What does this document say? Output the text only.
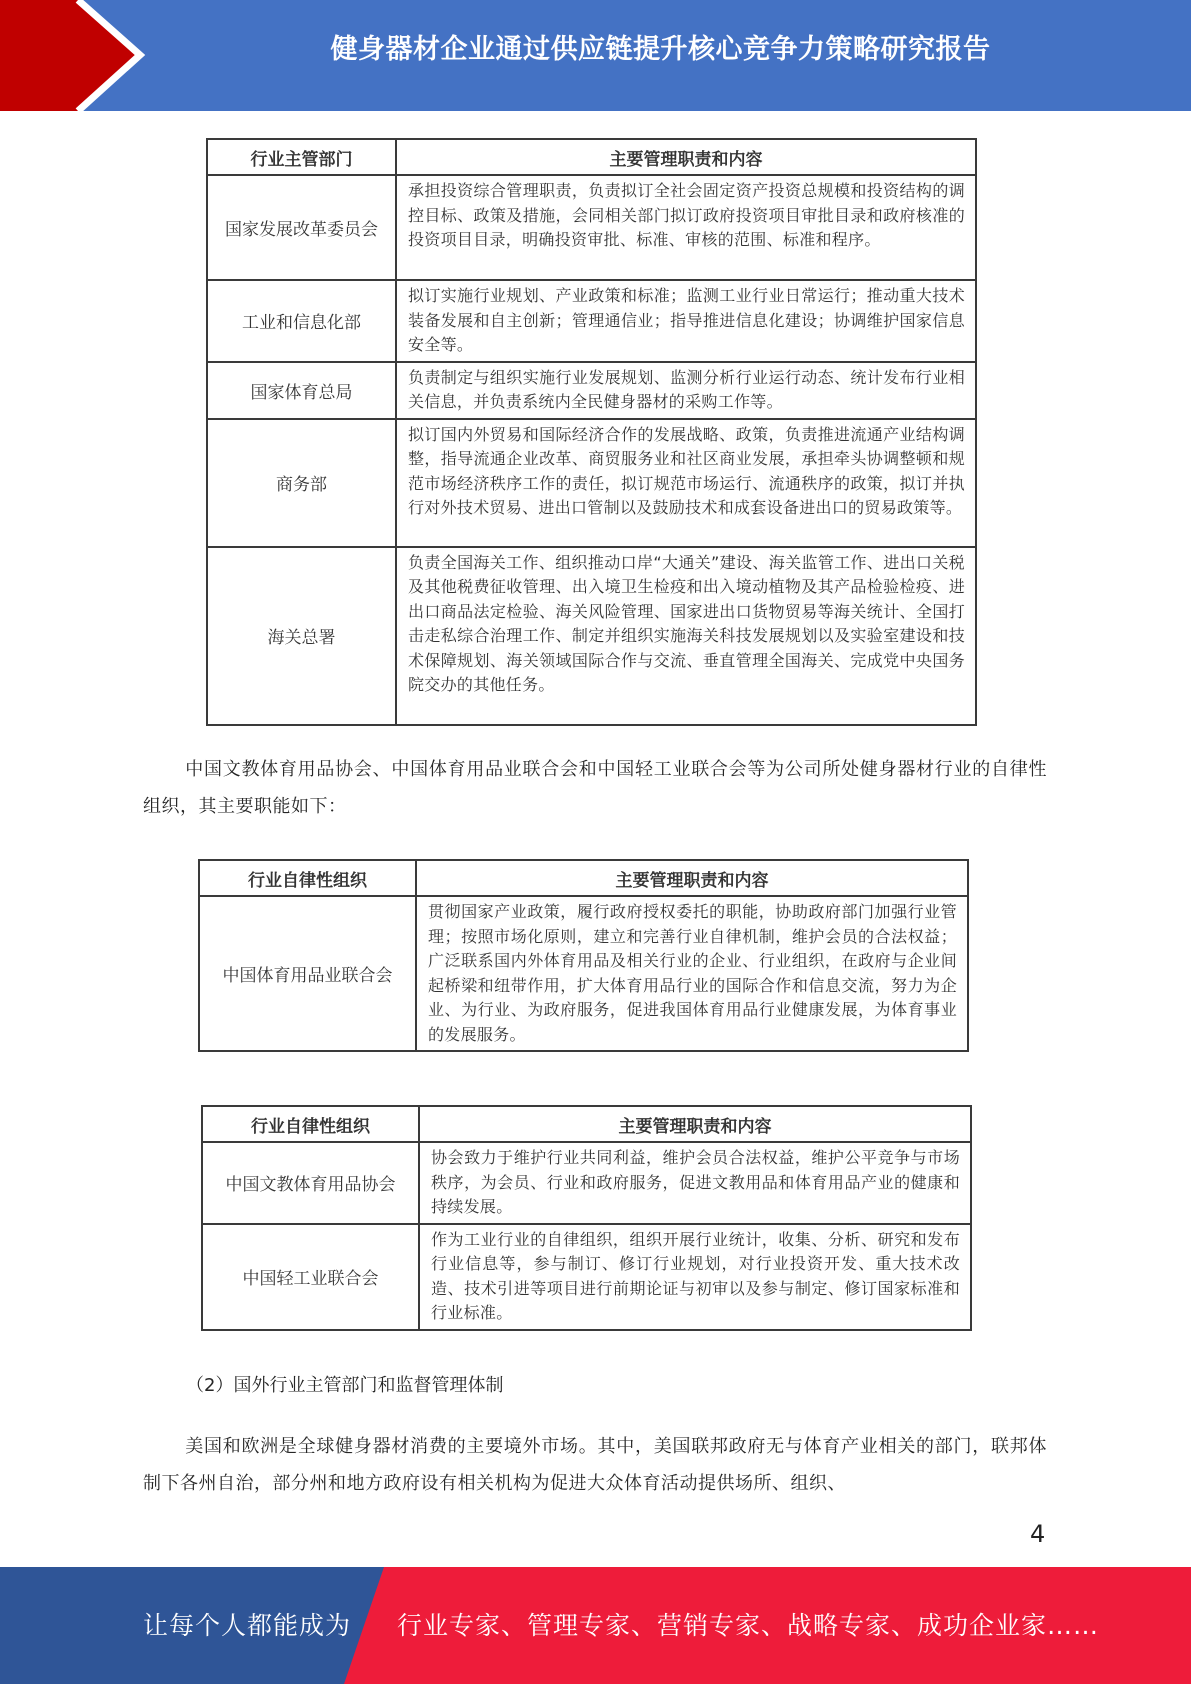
健身器材企业通过供应链提升核心竞争力策略研究报告
行业主管部门	主要管理职责和内容
国家发展改革委员会	承担投资综合管理职责，负责拟订全社会固定资产投资总规模和投资结构的调控目标、政策及措施，会同相关部门拟订政府投资项目审批目录和政府核准的投资项目目录，明确投资审批、标准、审核的范围、标准和程序。
工业和信息化部	拟订实施行业规划、产业政策和标准；监测工业行业日常运行；推动重大技术装备发展和自主创新；管理通信业；指导推进信息化建设；协调维护国家信息安全等。
国家体育总局	负责制定与组织实施行业发展规划、监测分析行业运行动态、统计发布行业相关信息，并负责系统内全民健身器材的采购工作等。
商务部	拟订国内外贸易和国际经济合作的发展战略、政策，负责推进流通产业结构调整，指导流通企业改革、商贸服务业和社区商业发展，承担牵头协调整顿和规范市场经济秩序工作的责任，拟订规范市场运行、流通秩序的政策，拟订并执行对外技术贸易、进出口管制以及鼓励技术和成套设备进出口的贸易政策等。
海关总署	负责全国海关工作、组织推动口岸“大通关”建设、海关监管工作、进出口关税及其他税费征收管理、出入境卫生检疫和出入境动植物及其产品检验检疫、进出口商品法定检验、海关风险管理、国家进出口货物贸易等海关统计、全国打击走私综合治理工作、制定并组织实施海关科技发展规划以及实验室建设和技术保障规划、海关领域国际合作与交流、垂直管理全国海关、完成党中央国务院交办的其他任务。

中国文教体育用品协会、中国体育用品业联合会和中国轻工业联合会等为公司所处健身器材行业的自律性组织，其主要职能如下：

行业自律性组织	主要管理职责和内容
中国体育用品业联合会	贯彻国家产业政策，履行政府授权委托的职能，协助政府部门加强行业管理；按照市场化原则，建立和完善行业自律机制，维护会员的合法权益；广泛联系国内外体育用品及相关行业的企业、行业组织，在政府与企业间起桥梁和纽带作用，扩大体育用品行业的国际合作和信息交流，努力为企业、为行业、为政府服务，促进我国体育用品行业健康发展，为体育事业的发展服务。
行业自律性组织	主要管理职责和内容
中国文教体育用品协会	协会致力于维护行业共同利益，维护会员合法权益，维护公平竞争与市场秩序，为会员、行业和政府服务，促进文教用品和体育用品产业的健康和持续发展。
中国轻工业联合会	作为工业行业的自律组织，组织开展行业统计，收集、分析、研究和发布行业信息等，参与制订、修订行业规划，对行业投资开发、重大技术改造、技术引进等项目进行前期论证与初审以及参与制定、修订国家标准和行业标准。

（2）国外行业主管部门和监督管理体制

美国和欧洲是全球健身器材消费的主要境外市场。其中，美国联邦政府无与体育产业相关的部门，联邦体制下各州自治，部分州和地方政府设有相关机构为促进大众体育活动提供场所、组织、

4
让每个人都能成为 行业专家、管理专家、营销专家、战略专家、成功企业家……
